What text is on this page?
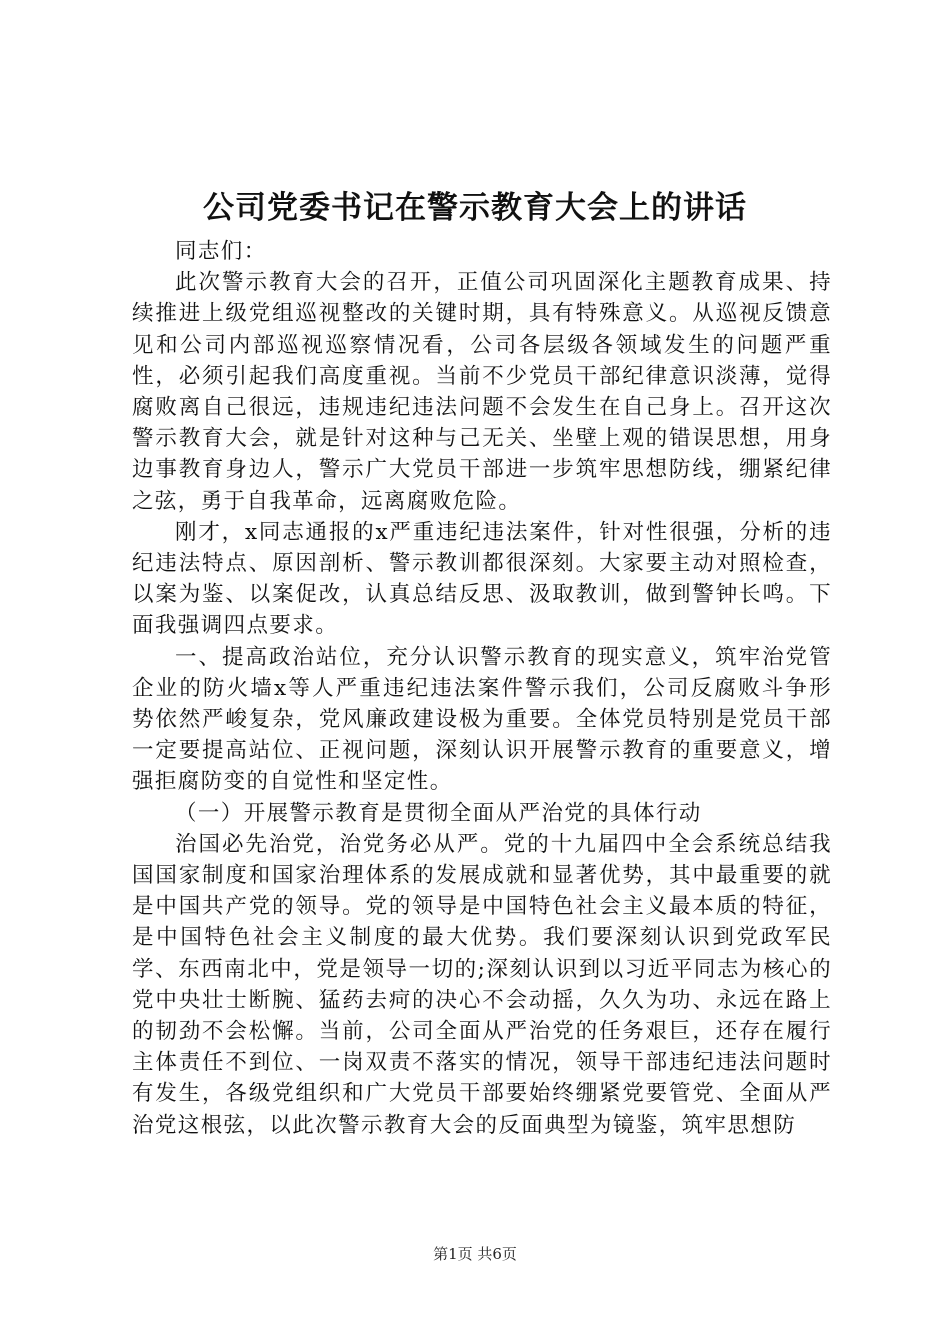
公司党委书记在警示教育大会上的讲话

同志们：

此次警示教育大会的召开，正值公司巩固深化主题教育成果、持续推进上级党组巡视整改的关键时期，具有特殊意义。从巡视反馈意见和公司内部巡视巡察情况看，公司各层级各领域发生的问题严重性，必须引起我们高度重视。当前不少党员干部纪律意识淡薄，觉得腐败离自己很远，违规违纪违法问题不会发生在自己身上。召开这次警示教育大会，就是针对这种与己无关、坐壁上观的错误思想，用身边事教育身边人，警示广大党员干部进一步筑牢思想防线，绷紧纪律之弦，勇于自我革命，远离腐败危险。

刚才，x同志通报的x严重违纪违法案件，针对性很强，分析的违纪违法特点、原因剖析、警示教训都很深刻。大家要主动对照检查，以案为鉴、以案促改，认真总结反思、汲取教训，做到警钟长鸣。下面我强调四点要求。

一、提高政治站位，充分认识警示教育的现实意义，筑牢治党管企业的防火墙x等人严重违纪违法案件警示我们，公司反腐败斗争形势依然严峻复杂，党风廉政建设极为重要。全体党员特别是党员干部一定要提高站位、正视问题，深刻认识开展警示教育的重要意义，增强拒腐防变的自觉性和坚定性。

（一）开展警示教育是贯彻全面从严治党的具体行动

治国必先治党，治党务必从严。党的十九届四中全会系统总结我国国家制度和国家治理体系的发展成就和显著优势，其中最重要的就是中国共产党的领导。党的领导是中国特色社会主义最本质的特征，是中国特色社会主义制度的最大优势。我们要深刻认识到党政军民学、东西南北中，党是领导一切的;深刻认识到以习近平同志为核心的党中央壮士断腕、猛药去疴的决心不会动摇，久久为功、永远在路上的韧劲不会松懈。当前，公司全面从严治党的任务艰巨，还存在履行主体责任不到位、一岗双责不落实的情况，领导干部违纪违法问题时有发生，各级党组织和广大党员干部要始终绷紧党要管党、全面从严治党这根弦，以此次警示教育大会的反面典型为镜鉴，筑牢思想防

第1页 共6页
